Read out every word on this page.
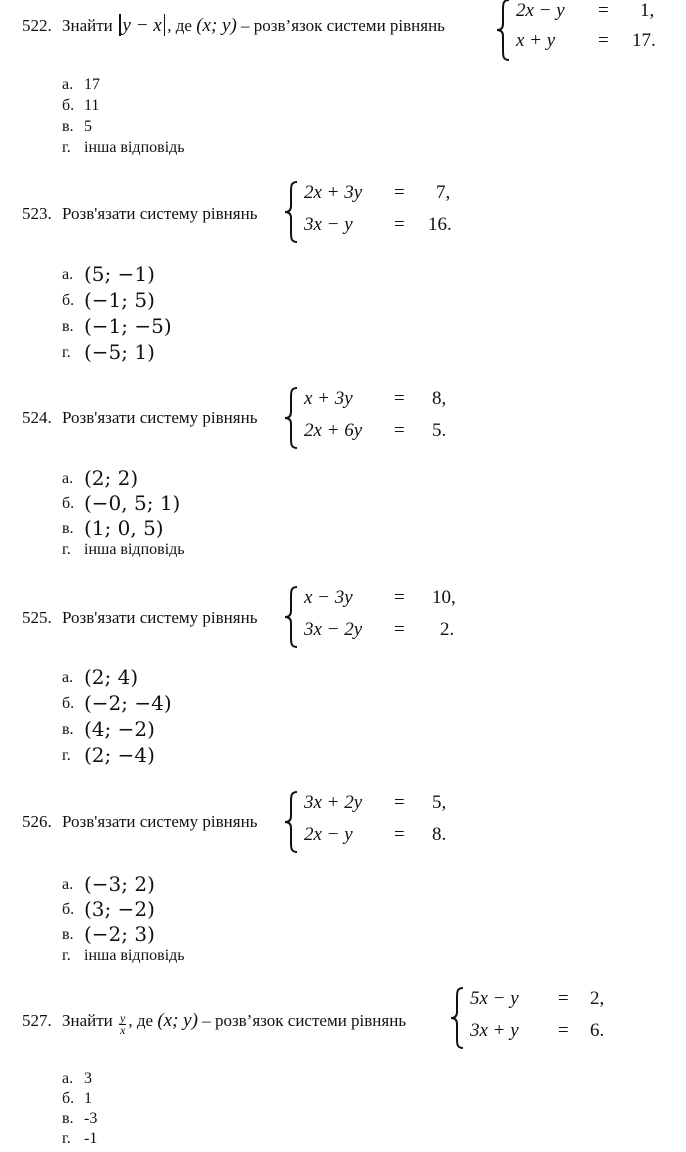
522. Знайти y − x , де (x; y) – розв’язок системи рівнянь
2x − y = 1,
x + y = 17.
а. 17
б. 11
в. 5
г. інша відповідь
523. Розв'язати систему рівнянь
2x + 3y = 7,
3x − y = 16.
а. (5; −1)
б. (−1; 5)
в. (−1; −5)
г. (−5; 1)
524. Розв'язати систему рівнянь
x + 3y = 8,
2x + 6y = 5.
а. (2; 2)
б. (−0, 5; 1)
в. (1; 0, 5)
г. інша відповідь
525. Розв'язати систему рівнянь
x − 3y = 10,
3x − 2y = 2.
а. (2; 4)
б. (−2; −4)
в. (4; −2)
г. (2; −4)
526. Розв'язати систему рівнянь
3x + 2y = 5,
2x − y = 8.
а. (−3; 2)
б. (3; −2)
в. (−2; 3)
г. інша відповідь
527. Знайти $\frac{y}{x}$ , де (x; y) – розв’язок системи рівнянь
5x − y = 2,
3x + y = 6.
а. 3
б. 1
в. -3
г. -1
